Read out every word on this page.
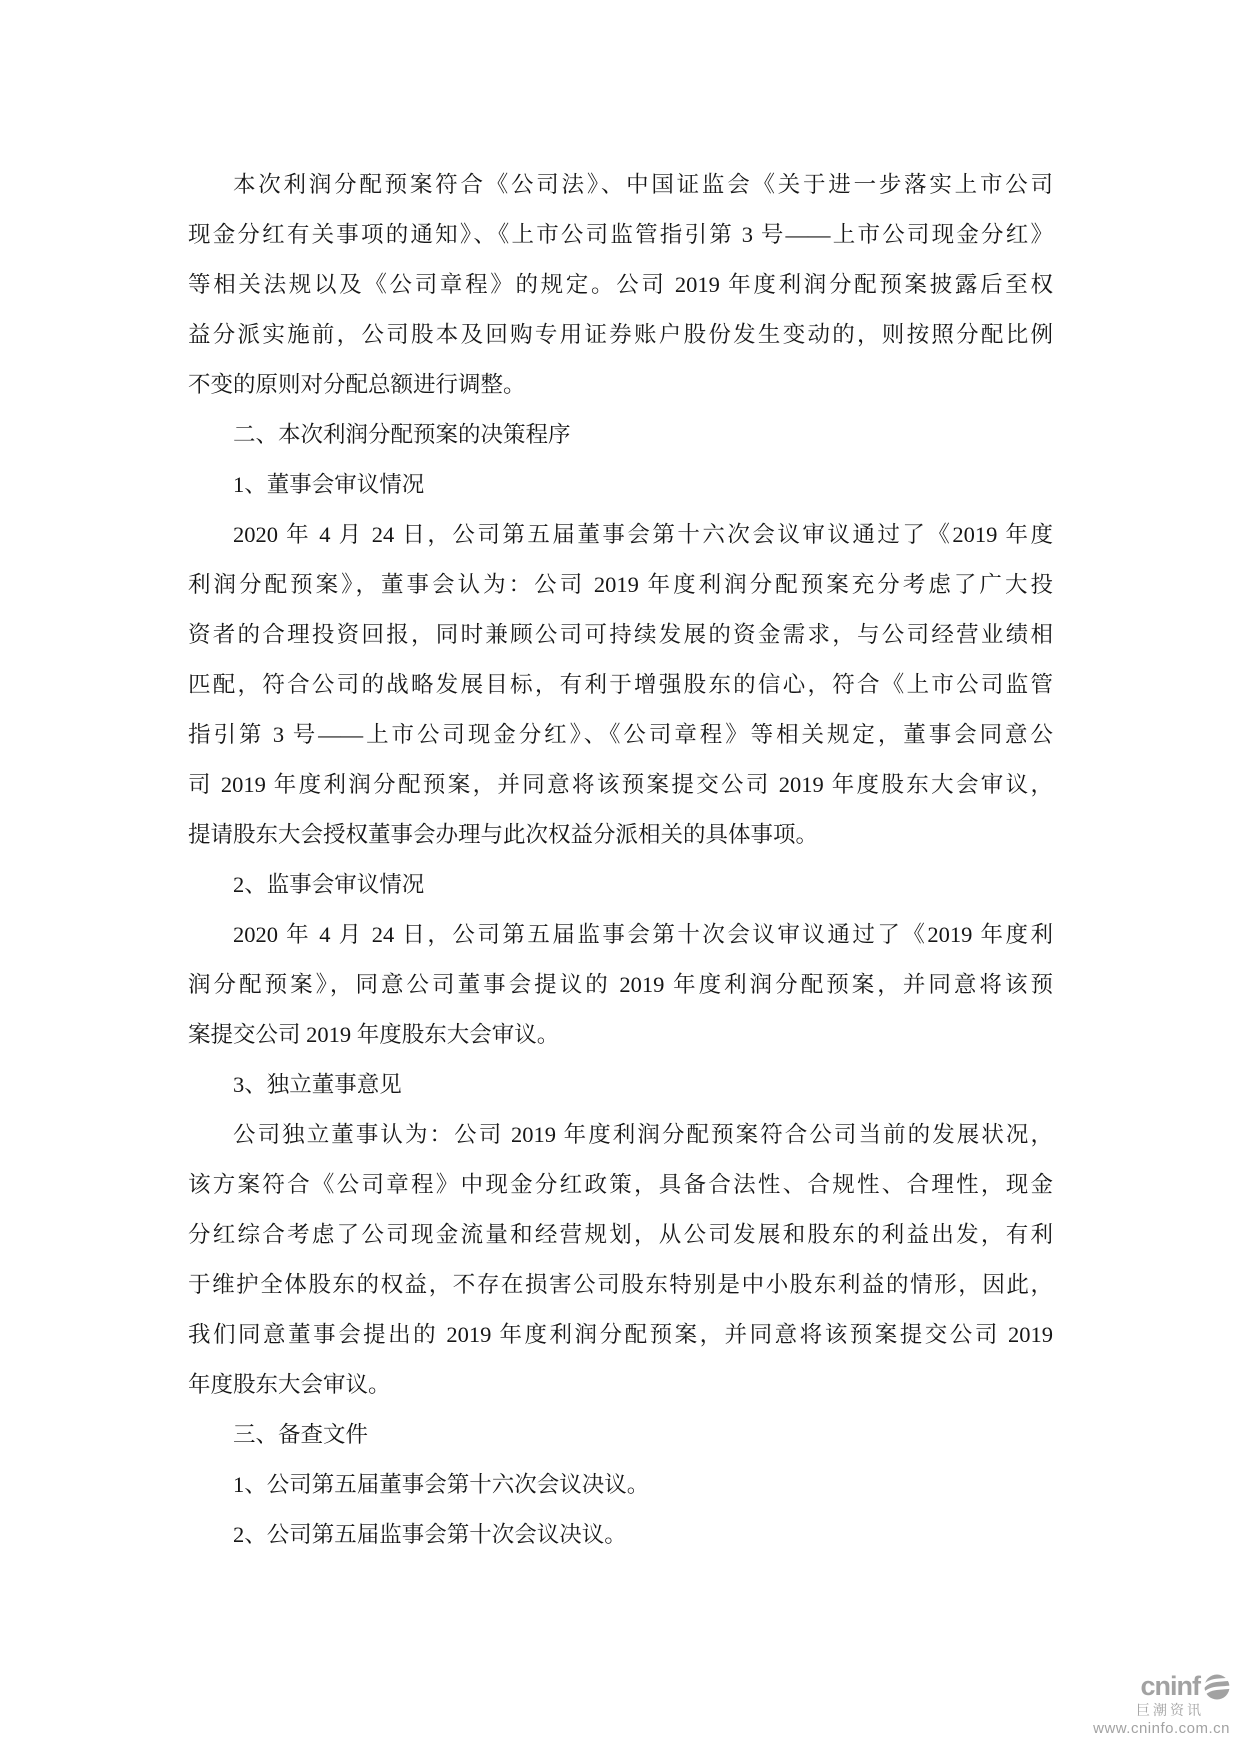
本次利润分配预案符合《公司法》、中国证监会《关于进一步落实上市公司
现金分红有关事项的通知》、《上市公司监管指引第 3 号——上市公司现金分红》
等相关法规以及《公司章程》的规定。公司 2019 年度利润分配预案披露后至权
益分派实施前，公司股本及回购专用证券账户股份发生变动的，则按照分配比例
不变的原则对分配总额进行调整。
二、本次利润分配预案的决策程序
1、董事会审议情况
2020 年 4 月 24 日，公司第五届董事会第十六次会议审议通过了《2019 年度
利润分配预案》，董事会认为：公司 2019 年度利润分配预案充分考虑了广大投
资者的合理投资回报，同时兼顾公司可持续发展的资金需求，与公司经营业绩相
匹配，符合公司的战略发展目标，有利于增强股东的信心，符合《上市公司监管
指引第 3 号——上市公司现金分红》、《公司章程》等相关规定，董事会同意公
司 2019 年度利润分配预案，并同意将该预案提交公司 2019 年度股东大会审议，
提请股东大会授权董事会办理与此次权益分派相关的具体事项。
2、监事会审议情况
2020 年 4 月 24 日，公司第五届监事会第十次会议审议通过了《2019 年度利
润分配预案》，同意公司董事会提议的 2019 年度利润分配预案，并同意将该预
案提交公司 2019 年度股东大会审议。
3、独立董事意见
公司独立董事认为：公司 2019 年度利润分配预案符合公司当前的发展状况，
该方案符合《公司章程》中现金分红政策，具备合法性、合规性、合理性，现金
分红综合考虑了公司现金流量和经营规划，从公司发展和股东的利益出发，有利
于维护全体股东的权益，不存在损害公司股东特别是中小股东利益的情形，因此，
我们同意董事会提出的 2019 年度利润分配预案，并同意将该预案提交公司 2019
年度股东大会审议。
三、备查文件
1、公司第五届董事会第十六次会议决议。
2、公司第五届监事会第十次会议决议。
cninf
巨潮资讯
www.cninfo.com.cn
